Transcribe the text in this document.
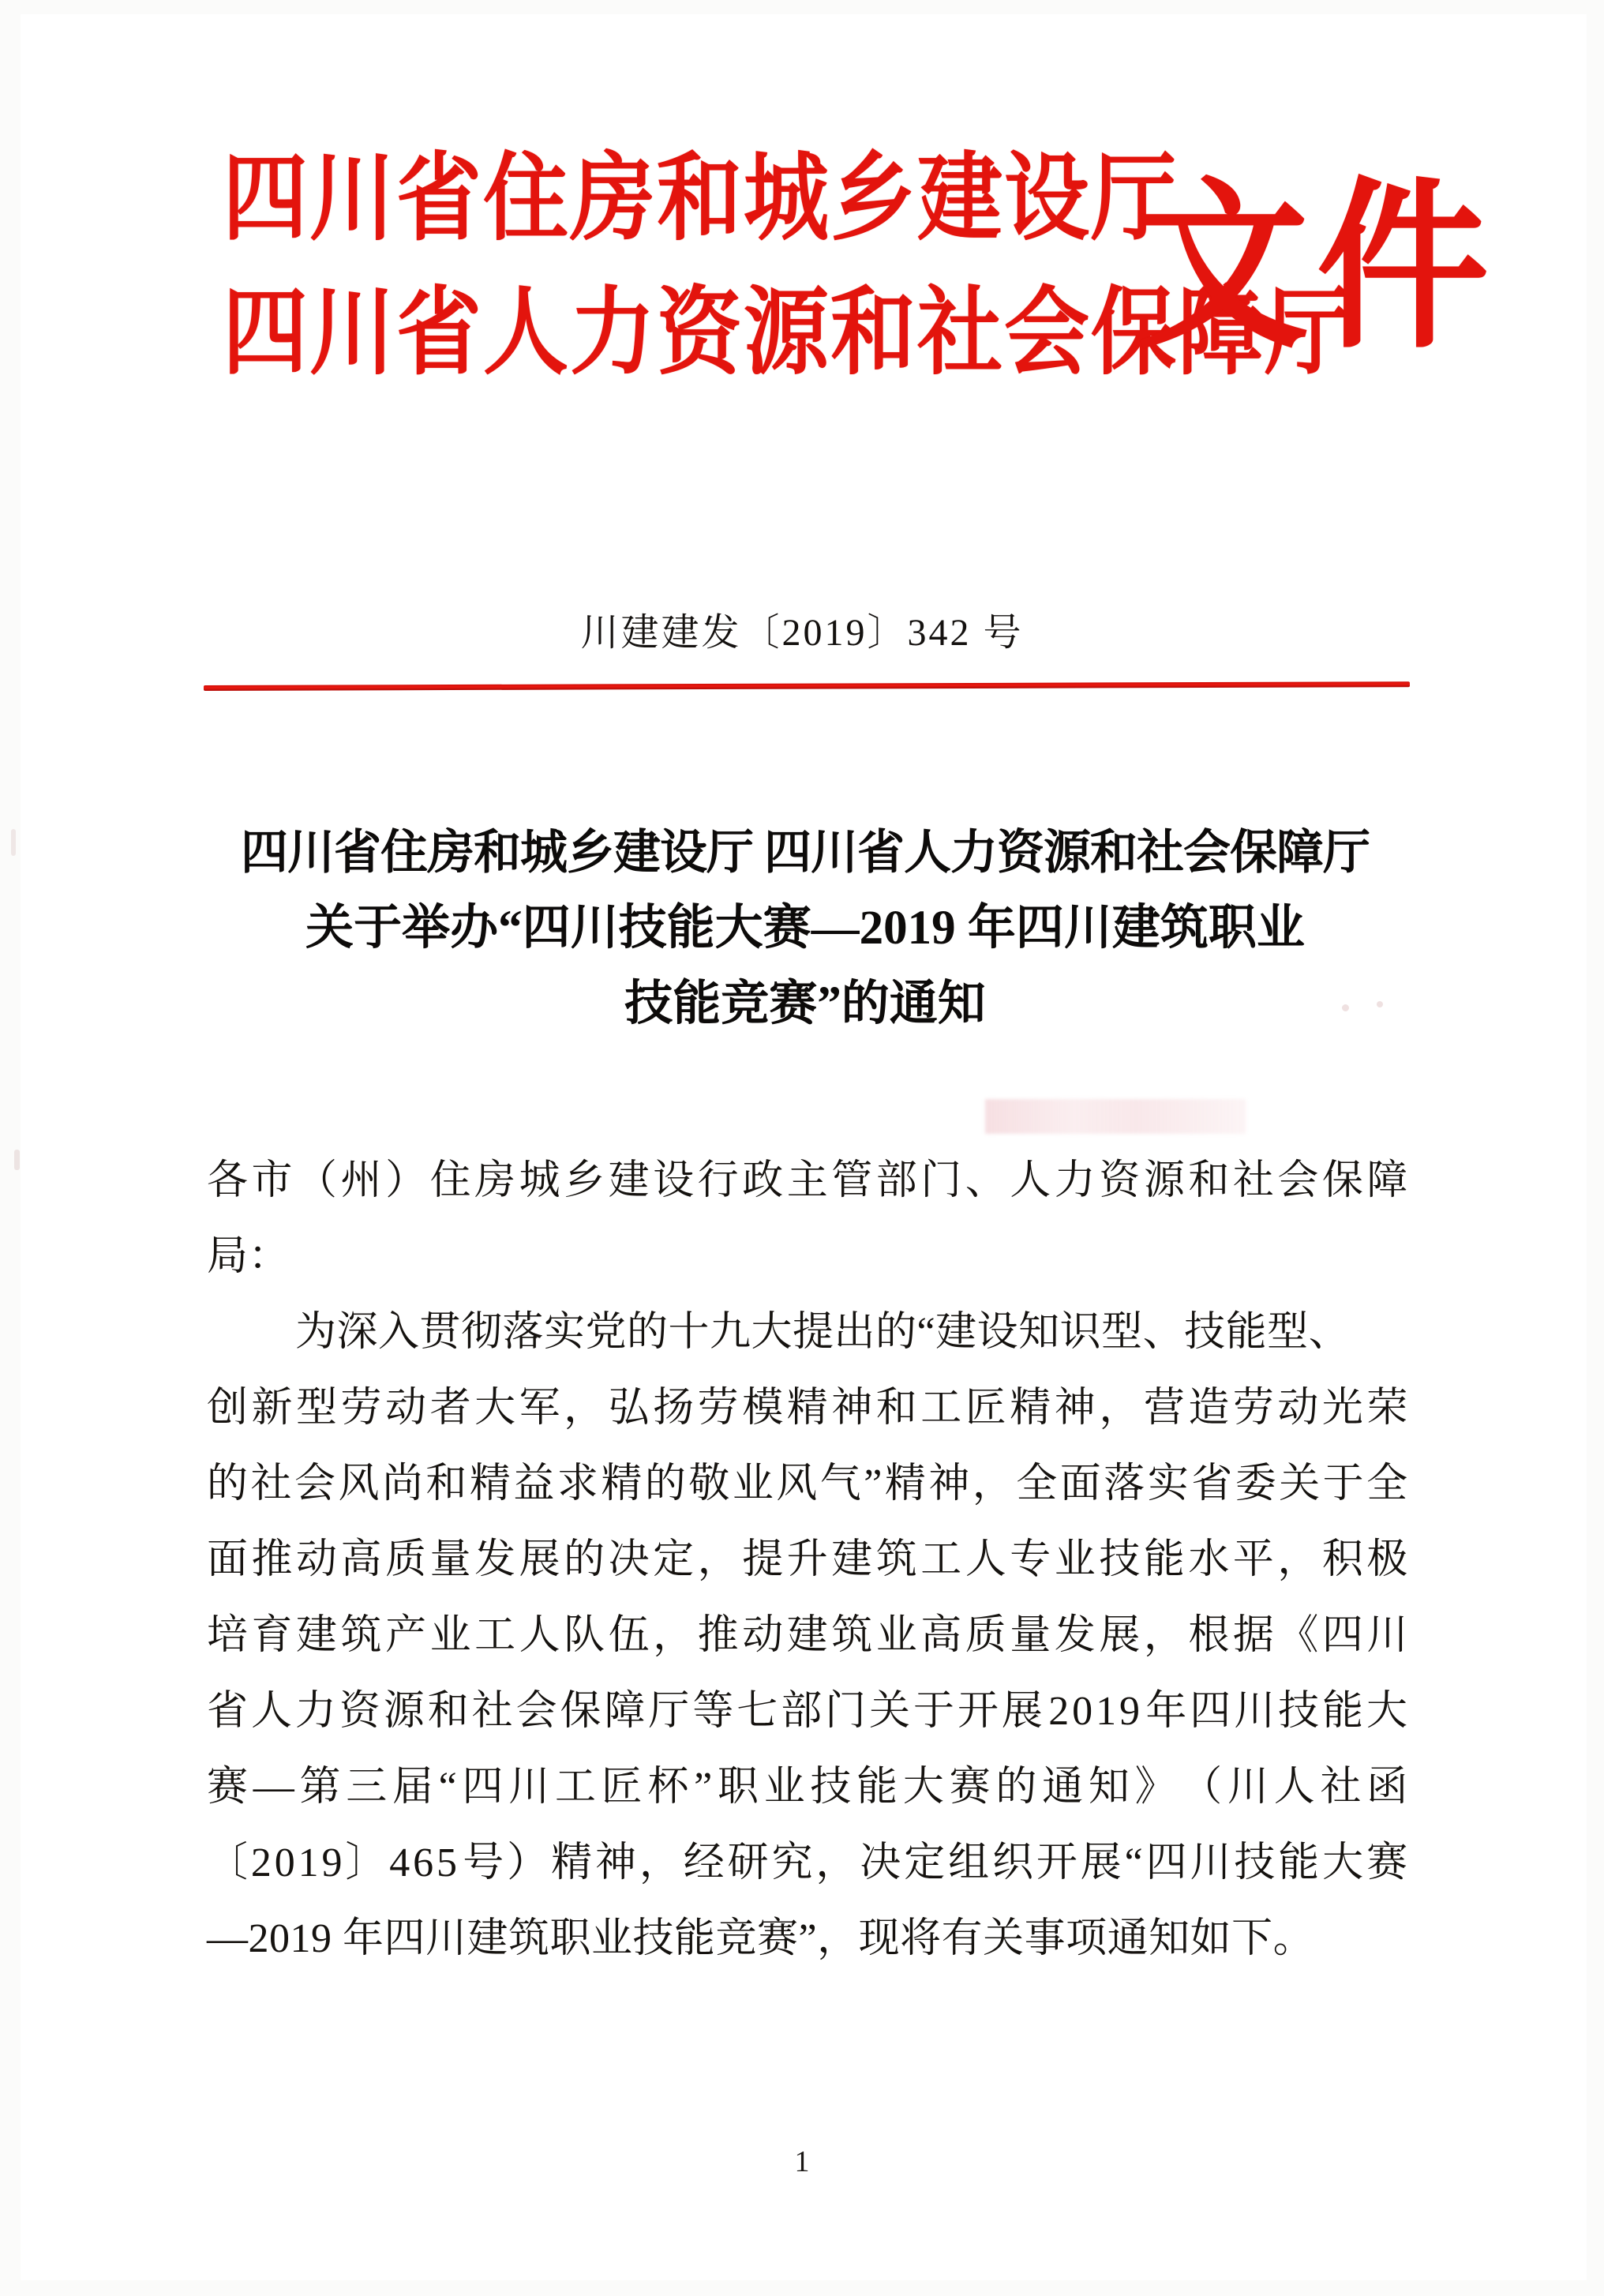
四川省住房和城乡建设厅
四川省人力资源和社会保障厅
文件
川建建发〔2019〕342 号
四川省住房和城乡建设厅 四川省人力资源和社会保障厅
关于举办“四川技能大赛—2019 年四川建筑职业
技能竞赛”的通知
各 市 （ 州 ） 住 房 城 乡 建 设 行 政 主 管 部 门 、 人 力 资 源 和 社 会 保 障
局：
为深入贯彻落实党的十九大提出的“建设知识型、技能型、
创 新 型 劳 动 者 大 军 ， 弘 扬 劳 模 精 神 和 工 匠 精 神 ， 营 造 劳 动 光 荣
的 社 会 风 尚 和 精 益 求 精 的 敬 业 风 气 ” 精 神 ， 全 面 落 实 省 委 关 于 全
面 推 动 高 质 量 发 展 的 决 定 ， 提 升 建 筑 工 人 专 业 技 能 水 平 ， 积 极
培 育 建 筑 产 业 工 人 队 伍 ， 推 动 建 筑 业 高 质 量 发 展 ， 根 据 《 四 川
省 人 力 资 源 和 社 会 保 障 厅 等 七 部 门 关 于 开 展 2 0 1 9 年 四 川 技 能 大
赛 — 第 三 届 “ 四 川 工 匠 杯 ” 职 业 技 能 大 赛 的 通 知 》 （ 川 人 社 函
〔 2 0 1 9 〕 4 6 5 号 ） 精 神 ， 经 研 究 ， 决 定 组 织 开 展 “ 四 川 技 能 大 赛
—2019 年四川建筑职业技能竞赛”，现将有关事项通知如下。
1
